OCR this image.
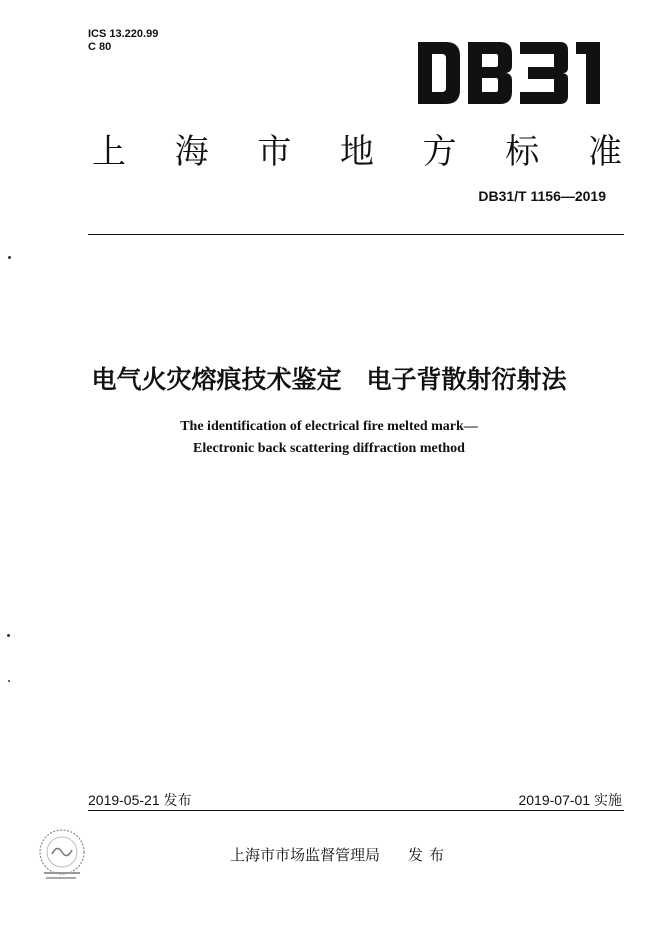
ICS 13.220.99
C 80
上 海 市 地 方 标 准
DB31/T 1156—2019
电气火灾熔痕技术鉴定　电子背散射衍射法
The identification of electrical fire melted mark—
Electronic back scattering diffraction method
2019-05-21 发布	2019-07-01 实施
上海市市场监督管理局 发布
